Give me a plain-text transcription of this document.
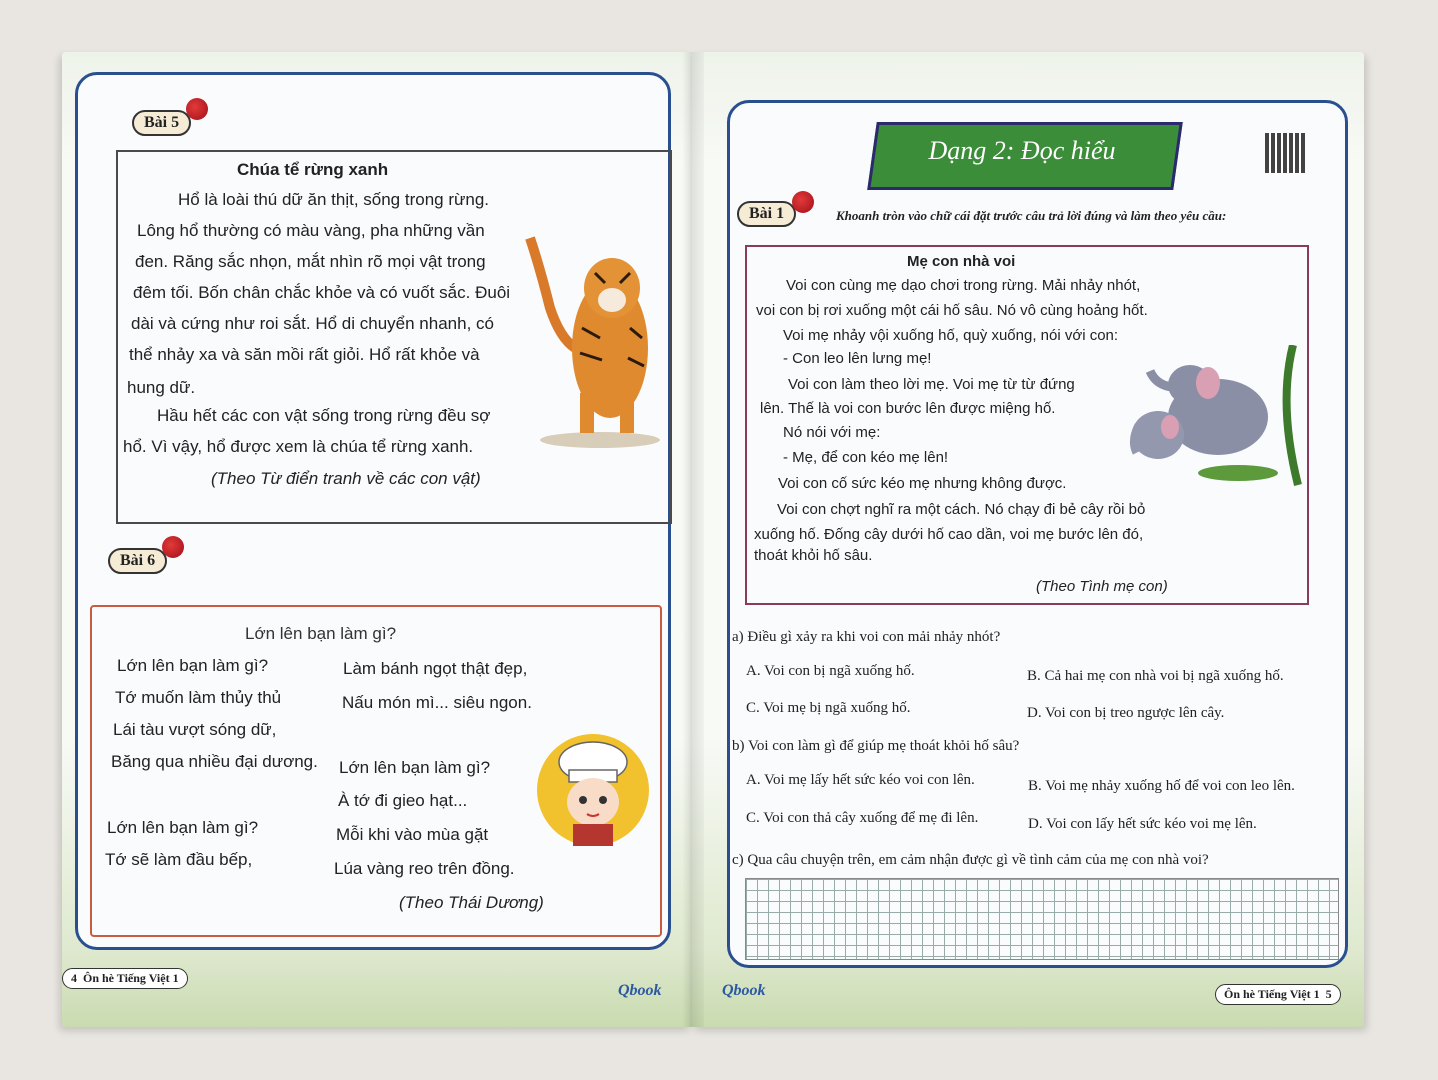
Bài 5
Chúa tể rừng xanh
Hổ là loài thú dữ ăn thịt, sống trong rừng.
Lông hổ thường có màu vàng, pha những vần
đen. Răng sắc nhọn, mắt nhìn rõ mọi vật trong
đêm tối. Bốn chân chắc khỏe và có vuốt sắc. Đuôi
dài và cứng như roi sắt. Hổ di chuyển nhanh, có
thể nhảy xa và săn mồi rất giỏi. Hổ rất khỏe và
hung dữ.
Hầu hết các con vật sống trong rừng đều sợ
hổ. Vì vậy, hổ được xem là chúa tể rừng xanh.
(Theo Từ điển tranh về các con vật)
Bài 6
Lớn lên bạn làm gì?
Lớn lên bạn làm gì?
Tớ muốn làm thủy thủ
Lái tàu vượt sóng dữ,
Băng qua nhiều đại dương.
Làm bánh ngọt thật đẹp,
Nấu món mì... siêu ngon.
Lớn lên bạn làm gì?
À tớ đi gieo hạt...
Mỗi khi vào mùa gặt
Lúa vàng reo trên đồng.
Lớn lên bạn làm gì?
Tớ sẽ làm đầu bếp,
(Theo Thái Dương)
4 Ôn hè Tiếng Việt 1
Qbook
Dạng 2: Đọc hiểu
Bài 1	Khoanh tròn vào chữ cái đặt trước câu trả lời đúng và làm theo yêu cầu:
Mẹ con nhà voi
Voi con cùng mẹ dạo chơi trong rừng. Mải nhảy nhót,
voi con bị rơi xuống một cái hố sâu. Nó vô cùng hoảng hốt.
Voi mẹ nhảy vội xuống hố, quỳ xuống, nói với con:
- Con leo lên lưng mẹ!
Voi con làm theo lời mẹ. Voi mẹ từ từ đứng
lên. Thế là voi con bước lên được miệng hố.
Nó nói với mẹ:
- Mẹ, để con kéo mẹ lên!
Voi con cố sức kéo mẹ nhưng không được.
Voi con chợt nghĩ ra một cách. Nó chạy đi bẻ cây rồi bỏ
xuống hố. Đống cây dưới hố cao dần, voi mẹ bước lên đó,
thoát khỏi hố sâu.
(Theo Tình mẹ con)
a) Điều gì xảy ra khi voi con mải nhảy nhót?
A. Voi con bị ngã xuống hố.	B. Cả hai mẹ con nhà voi bị ngã xuống hố.
C. Voi mẹ bị ngã xuống hố.	D. Voi con bị treo ngược lên cây.
b) Voi con làm gì để giúp mẹ thoát khỏi hố sâu?
A. Voi mẹ lấy hết sức kéo voi con lên.	B. Voi mẹ nhảy xuống hố để voi con leo lên.
C. Voi con thả cây xuống để mẹ đi lên.	D. Voi con lấy hết sức kéo voi mẹ lên.
c) Qua câu chuyện trên, em cảm nhận được gì về tình cảm của mẹ con nhà voi?
Qbook	Ôn hè Tiếng Việt 1 5
